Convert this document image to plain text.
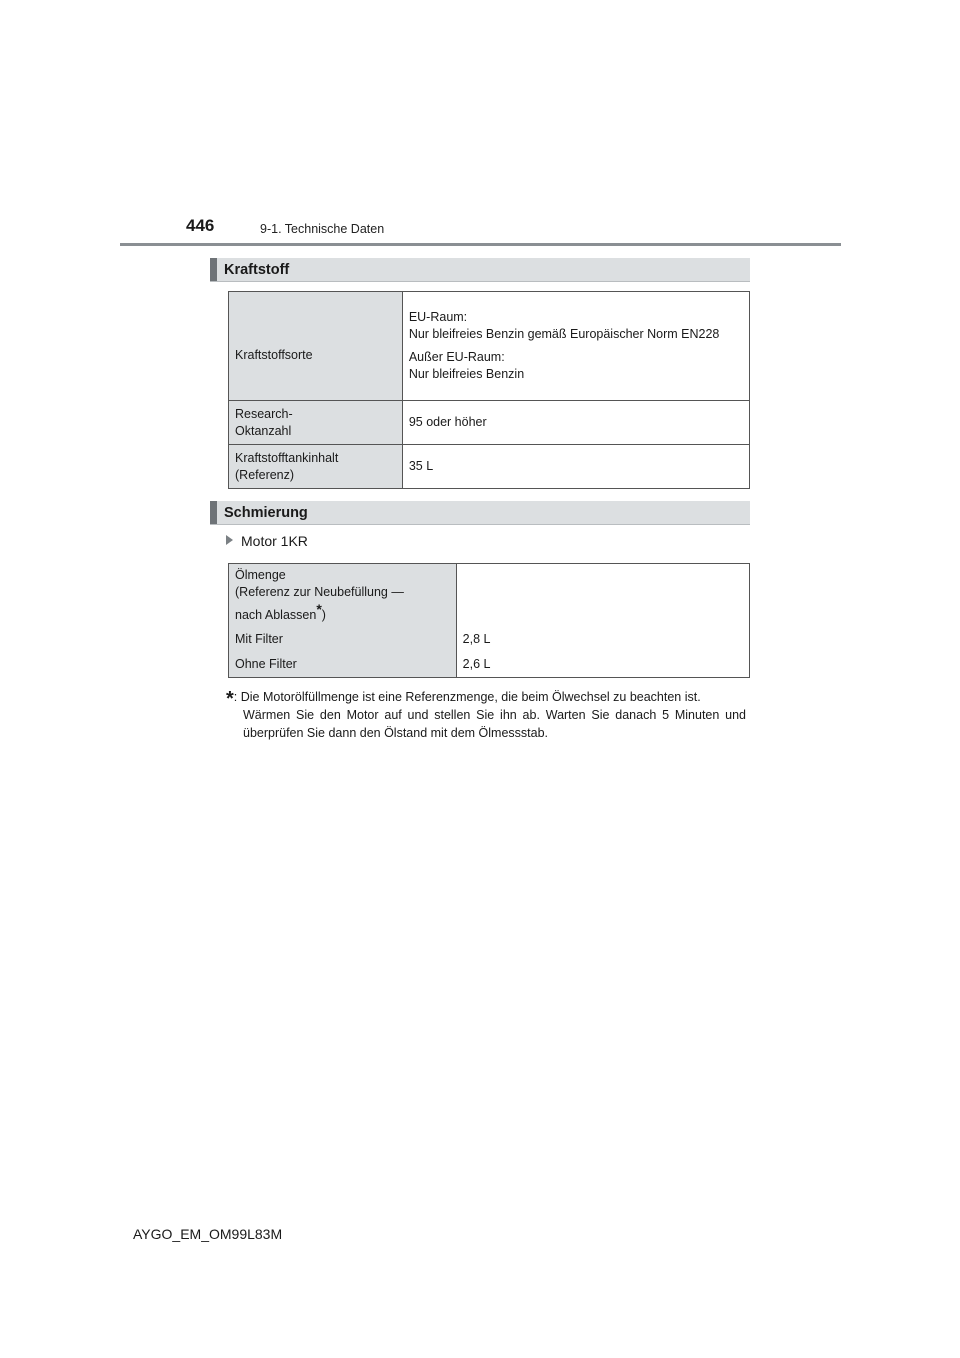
446	9-1. Technische Daten
Kraftstoff
Kraftstoffsorte	EU-Raum:
Nur bleifreies Benzin gemäß Europäischer Norm EN228
Außer EU-Raum:
Nur bleifreies Benzin

Research-
Oktanzahl	95 oder höher

Kraftstofftankinhalt
(Referenz)	35 L
Schmierung
Motor 1KR
Ölmenge
(Referenz zur Neubefüllung —
nach Ablassen*)	

Mit Filter	2,8 L

Ohne Filter	2,6 L
*: Die Motorölfüllmenge ist eine Referenzmenge, die beim Ölwechsel zu beachten ist.
Wärmen Sie den Motor auf und stellen Sie ihn ab. Warten Sie danach 5 Minuten und überprüfen Sie dann den Ölstand mit dem Ölmessstab.
AYGO_EM_OM99L83M
